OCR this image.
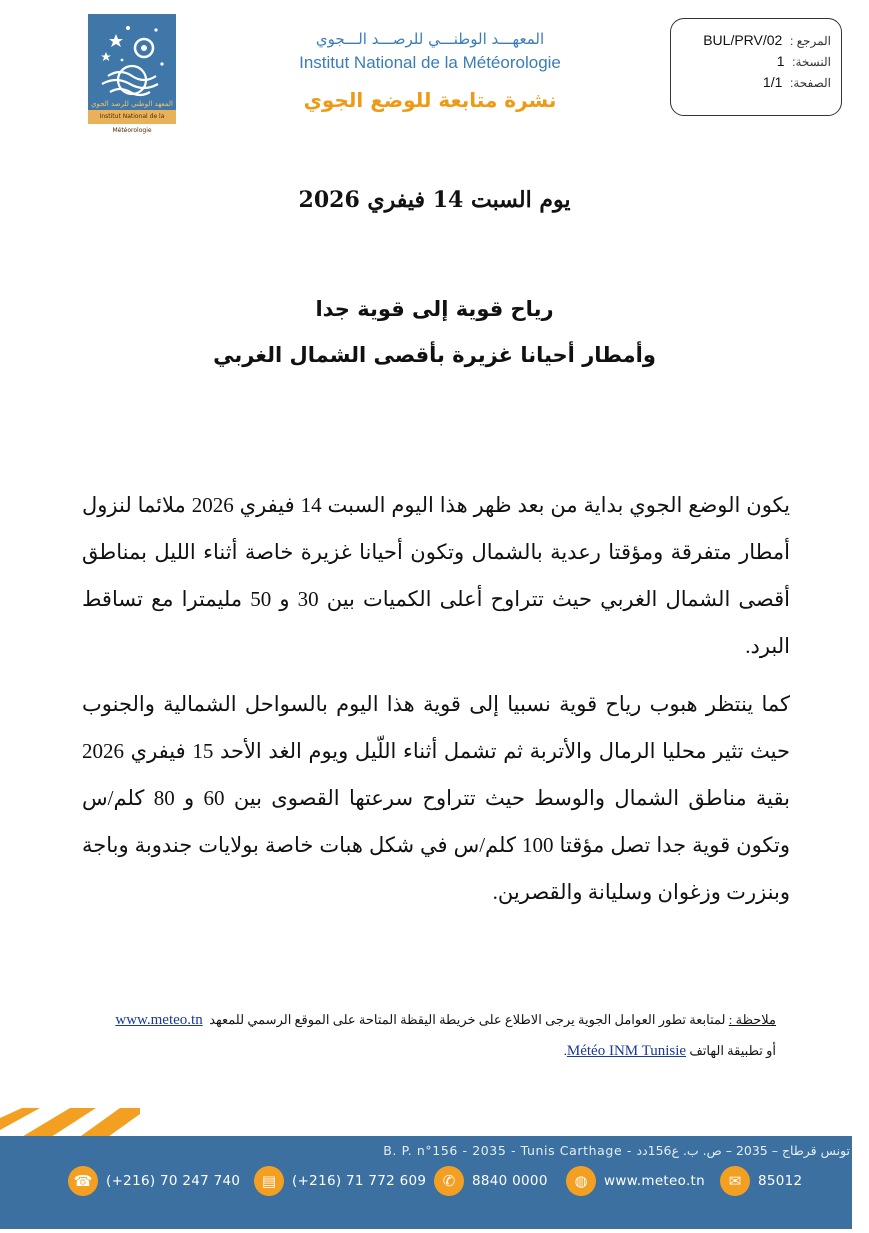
المعهد الوطني للرصد الجوي
Institut National de la Météorologie
المعهـــد الوطنـــي للرصـــد الـــجوي
Institut National de la Météorologie
نشرة متابعة للوضع الجوي
المرجع : BUL/PRV/02
النسخة: 1
الصفحة: 1/1
يوم السبت 14 فيفري 2026
رياح قوية إلى قوية جدا
وأمطار أحيانا غزيرة بأقصى الشمال الغربي
يكون الوضع الجوي بداية من بعد ظهر هذا اليوم السبت 14 فيفري 2026 ملائما لنزول أمطار متفرقة ومؤقتا رعدية بالشمال وتكون أحيانا غزيرة خاصة أثناء الليل بمناطق أقصى الشمال الغربي حيث تتراوح أعلى الكميات بين 30 و 50 مليمترا مع تساقط البرد.
كما ينتظر هبوب رياح قوية نسبيا إلى قوية هذا اليوم بالسواحل الشمالية والجنوب حيث تثير محليا الرمال والأتربة ثم تشمل أثناء اللّيل ويوم الغد الأحد 15 فيفري 2026 بقية مناطق الشمال والوسط حيث تتراوح سرعتها القصوى بين 60 و 80 كلم/س وتكون قوية جدا تصل مؤقتا 100 كلم/س في شكل هبات خاصة بولايات جندوبة وباجة وبنزرت وزغوان وسليانة والقصرين.
ملاحظة : لمتابعة تطور العوامل الجوية يرجى الاطلاع على خريطة اليقظة المتاحة على الموقع الرسمي للمعهد  www.meteo.tn
أو تطبيقة الهاتف Météo INM Tunisie.
B. P. n°156 - 2035 - Tunis Carthage - تونس قرطاج – 2035 – ص. ب. ع156دد
☎	(+216) 70 247 740	▤	(+216) 71 772 609	✆	8840 0000	◍	www.meteo.tn	✉	85012
